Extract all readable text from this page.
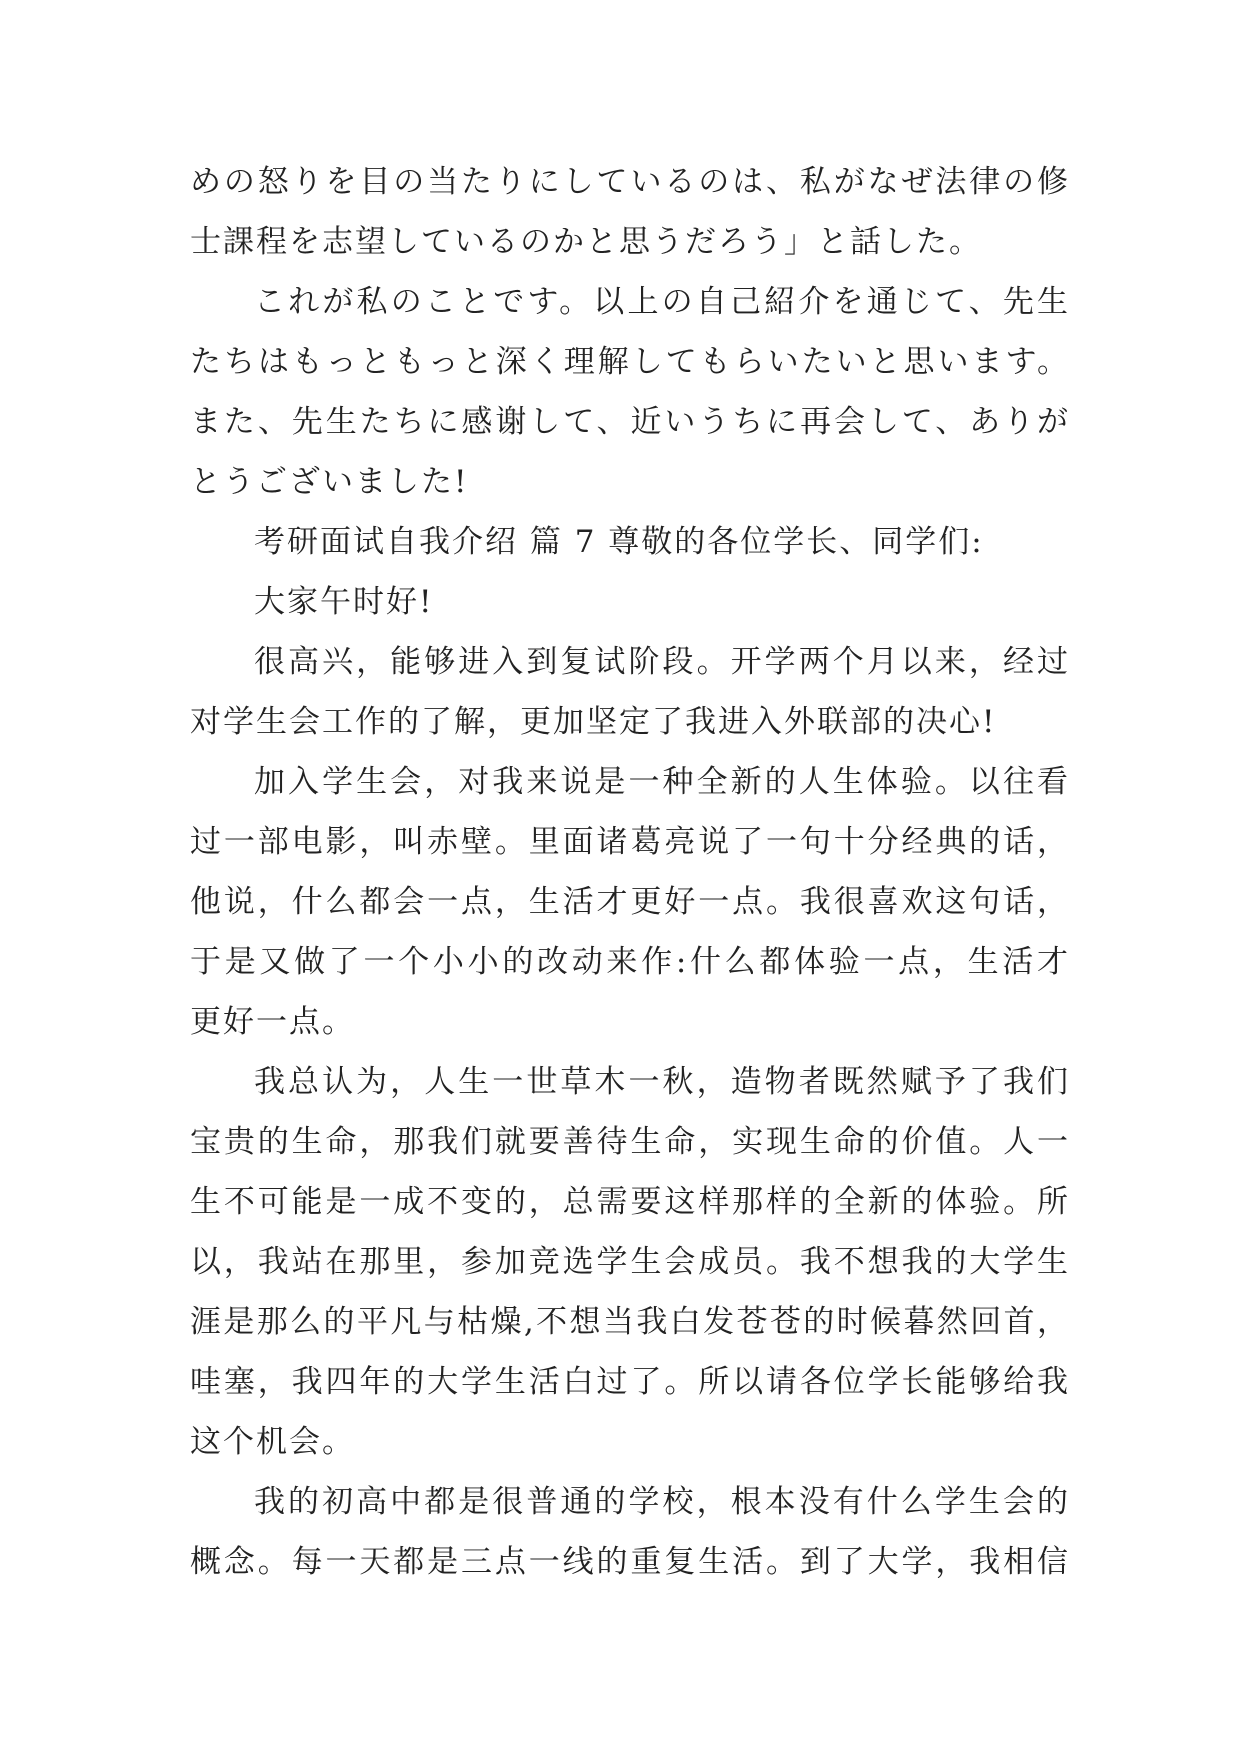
めの怒りを目の当たりにしているのは、私がなぜ法律の修
士課程を志望しているのかと思うだろう」と話した。
これが私のことです。以上の自己紹介を通じて、先生
たちはもっともっと深く理解してもらいたいと思います。
また、先生たちに感谢して、近いうちに再会して、ありが
とうございました!
考研面试自我介绍 篇 7 尊敬的各位学长、同学们:
大家午时好!
很高兴，能够进入到复试阶段。开学两个月以来，经过
对学生会工作的了解，更加坚定了我进入外联部的决心!
加入学生会，对我来说是一种全新的人生体验。以往看
过一部电影，叫赤壁。里面诸葛亮说了一句十分经典的话，
他说，什么都会一点，生活才更好一点。我很喜欢这句话，
于是又做了一个小小的改动来作:什么都体验一点，生活才
更好一点。
我总认为，人生一世草木一秋，造物者既然赋予了我们
宝贵的生命，那我们就要善待生命，实现生命的价值。人一
生不可能是一成不变的，总需要这样那样的全新的体验。所
以，我站在那里，参加竞选学生会成员。我不想我的大学生
涯是那么的平凡与枯燥,不想当我白发苍苍的时候暮然回首，
哇塞，我四年的大学生活白过了。所以请各位学长能够给我
这个机会。
我的初高中都是很普通的学校，根本没有什么学生会的
概念。每一天都是三点一线的重复生活。到了大学，我相信
